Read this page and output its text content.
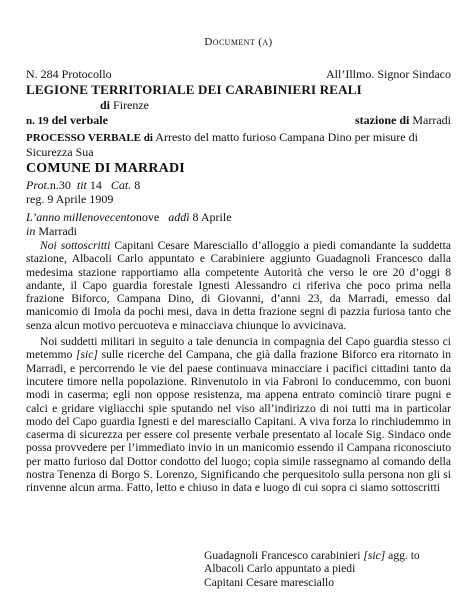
Document (a)
N. 284 Protocollo	All’Illmo. Signor Sindaco
LEGIONE TERRITORIALE DEI CARABINIERI REALI
di Firenze
n. 19 del verbale	stazione di Marradi
PROCESSO VERBALE di Arresto del matto furioso Campana Dino per misure di Sicurezza Sua
COMUNE DI MARRADI
Prot.n.30 tit 14 Cat. 8
reg. 9 Aprile 1909
L’anno millenovecentonove addì 8 Aprile
in Marradi

Noi sottoscritti Capitani Cesare Maresciallo d’alloggio a piedi comandante la suddetta stazione, Albacoli Carlo appuntato e Carabiniere aggiunto Guadagnoli Francesco dalla medesima stazione rapportiamo alla competente Autorità che verso le ore 20 d’oggi 8 andante, il Capo guardia forestale Ignesti Alessandro ci riferiva che poco prima nella frazione Biforco, Campana Dino, di Giovanni, d’anni 23, da Marradi, emesso dal manicomio di Imola da pochi mesi, dava in detta frazione segni di pazzia furiosa tanto che senza alcun motivo percuoteva e minacciava chiunque lo avvicinava.

Noi suddetti militari in seguito a tale denuncia in compagnia del Capo guardia stesso ci metemmo [sic] sulle ricerche del Campana, che già dalla frazione Biforco era ritornato in Marradi, e percorrendo le vie del paese continuava minacciare i pacifici cittadini tanto da incutere timore nella popolazione. Rinvenutolo in via Fabroni lo conducemmo, con buoni modi in caserma; egli non oppose resistenza, ma appena entrato cominciò tirare pugni e calci e gridare vigliacchi spie sputando nel viso all’indirizzo di noi tutti ma in particolar modo del Capo guardia Ignesti e del maresciallo Capitani. A viva forza lo rinchiudemmo in caserma di sicurezza per essere col presente verbale presentato al locale Sig. Sindaco onde possa provvedere per l’immediato invio in un manicomio essendo il Campana riconosciuto per matto furioso dal Dottor condotto del luogo; copia simile rassegnamo al comando della nostra Tenenza di Borgo S. Lorenzo, Significando che perquesitolo sulla persona non gli si rinvenne alcun arma. Fatto, letto e chiuso in data e luogo di cui sopra ci siamo sottoscritti

Guadagnoli Francesco carabinieri [sic] agg. to
Albacoli Carlo appuntato a piedi
Capitani Cesare maresciallo
